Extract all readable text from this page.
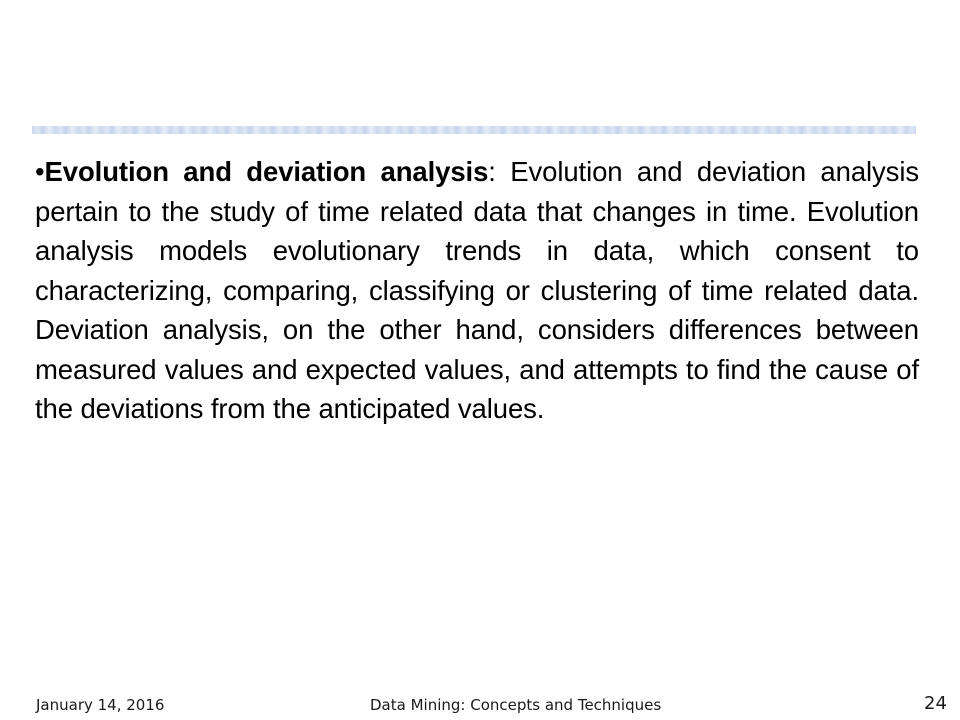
•Evolution and deviation analysis: Evolution and deviation analysis pertain to the study of time related data that changes in time. Evolution analysis models evolutionary trends in data, which consent to characterizing, comparing, classifying or clustering of time related data. Deviation analysis, on the other hand, considers differences between measured values and expected values, and attempts to find the cause of the deviations from the anticipated values.
January 14, 2016	Data Mining: Concepts and Techniques	24
